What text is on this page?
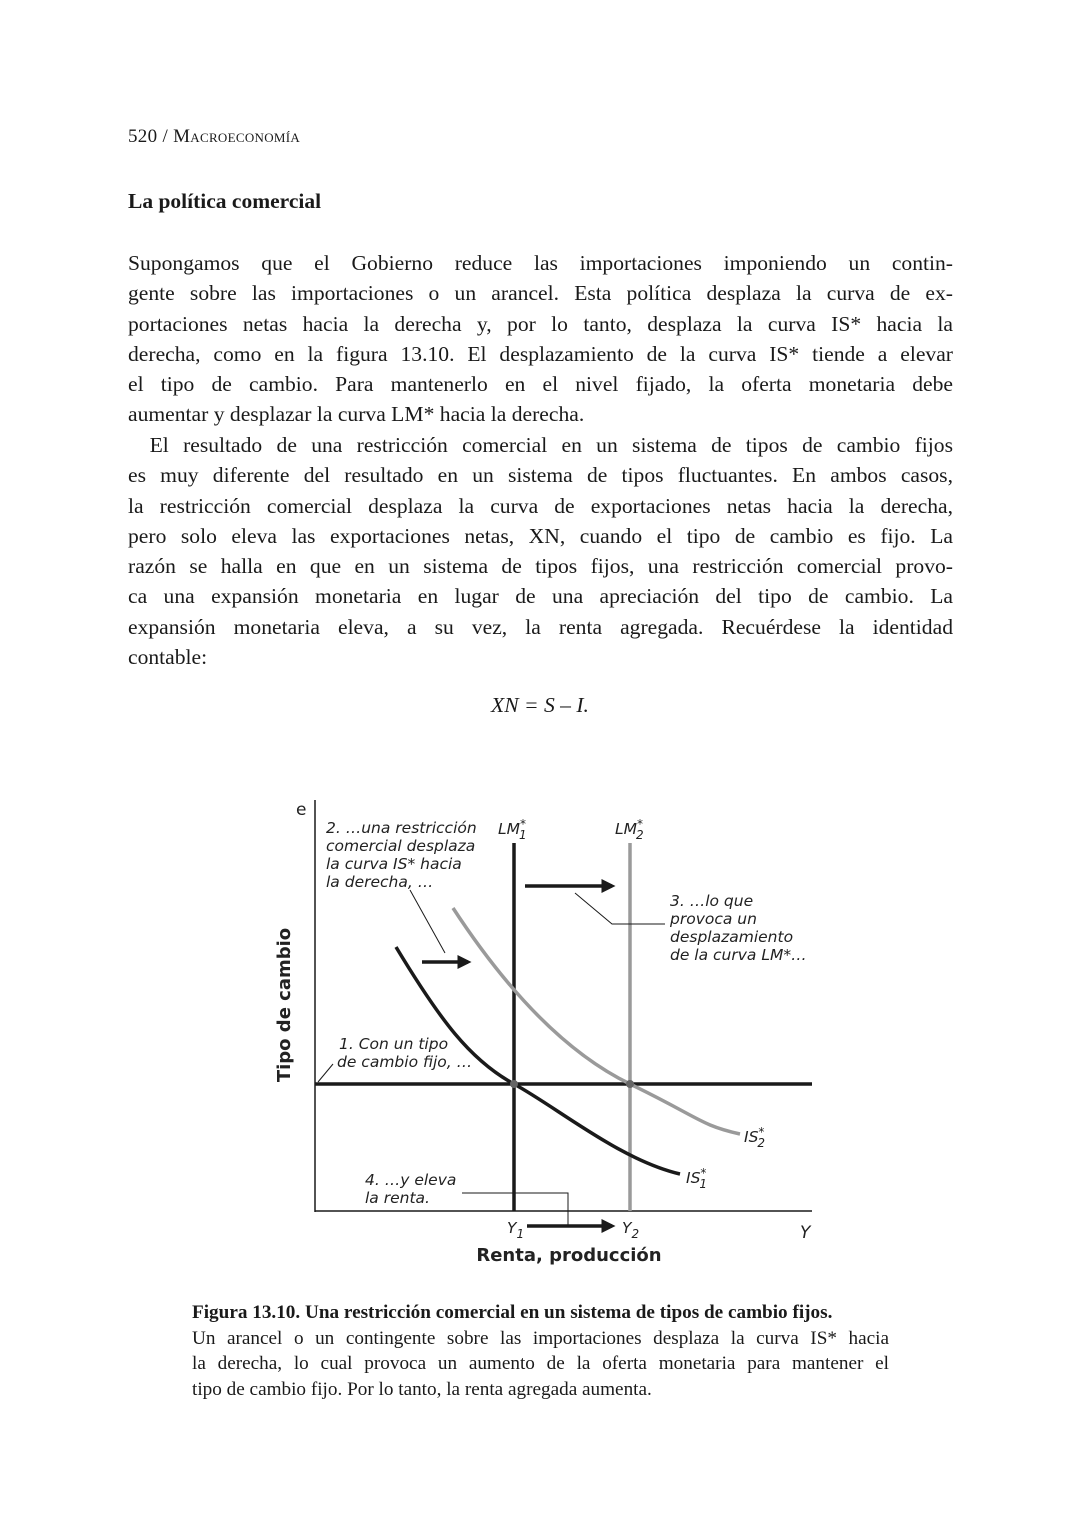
520 / Macroeconomía
La política comercial
Supongamos que el Gobierno reduce las importaciones imponiendo un contin-
gente sobre las importaciones o un arancel. Esta política desplaza la curva de ex-
portaciones netas hacia la derecha y, por lo tanto, desplaza la curva IS* hacia la
derecha, como en la figura 13.10. El desplazamiento de la curva IS* tiende a elevar
el tipo de cambio. Para mantenerlo en el nivel fijado, la oferta monetaria debe
aumentar y desplazar la curva LM* hacia la derecha.
 El resultado de una restricción comercial en un sistema de tipos de cambio fijos
es muy diferente del resultado en un sistema de tipos fluctuantes. En ambos casos,
la restricción comercial desplaza la curva de exportaciones netas hacia la derecha,
pero solo eleva las exportaciones netas, XN, cuando el tipo de cambio es fijo. La
razón se halla en que en un sistema de tipos fijos, una restricción comercial provo-
ca una expansión monetaria en lugar de una apreciación del tipo de cambio. La
expansión monetaria eleva, a su vez, la renta agregada. Recuérdese la identidad
contable:
XN = S – I.
e
Y
Tipo de cambio
Renta, producción
LM* 1	LM* 2
IS* 1
IS* 2
$Y_1$	$Y_2$
1. Con un tipo de cambio fijo, …
2. …una restricción comercial desplaza la curva IS* hacia la derecha, …
3. …lo que provoca un desplazamiento de la curva LM*…
4. …y eleva la renta.
Figura 13.10. Una restricción comercial en un sistema de tipos de cambio fijos.
Un arancel o un contingente sobre las importaciones desplaza la curva IS* hacia
la derecha, lo cual provoca un aumento de la oferta monetaria para mantener el
tipo de cambio fijo. Por lo tanto, la renta agregada aumenta.
